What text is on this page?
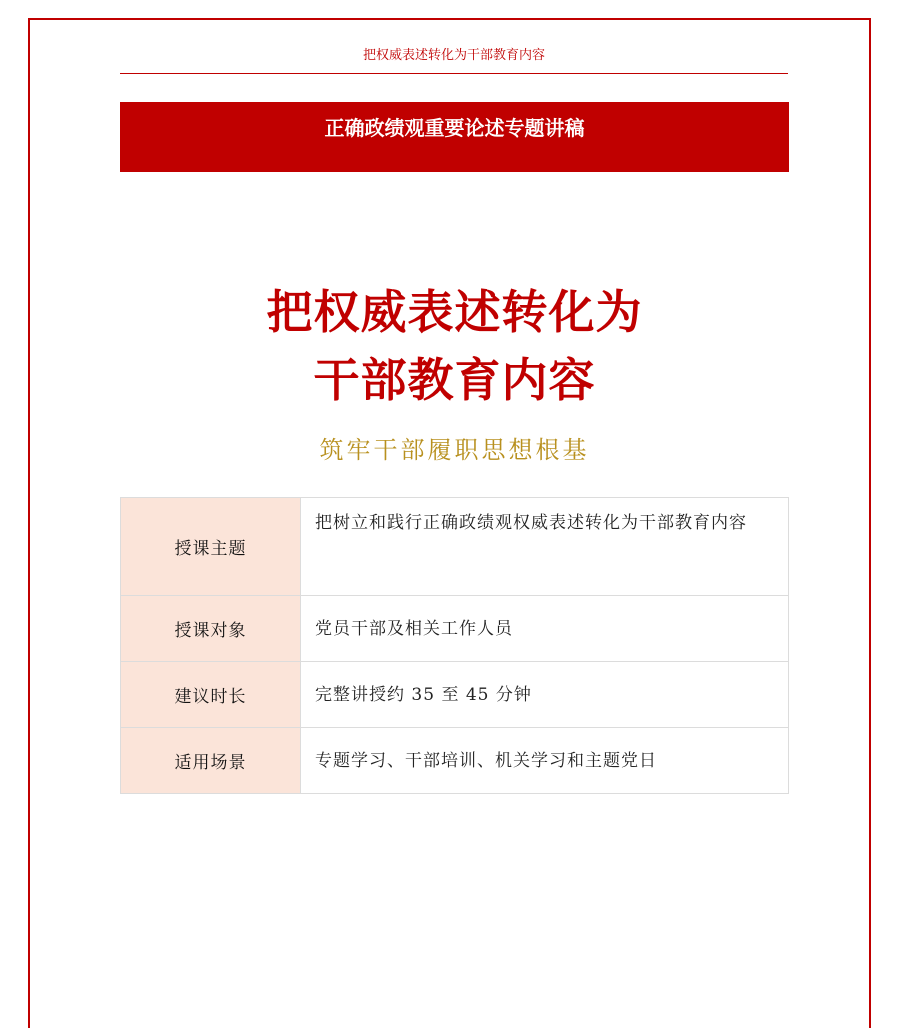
把权威表述转化为干部教育内容
正确政绩观重要论述专题讲稿
把权威表述转化为
干部教育内容
筑牢干部履职思想根基
授课主题	把树立和践行正确政绩观权威表述转化为干部教育内容
授课对象	党员干部及相关工作人员
建议时长	完整讲授约 35 至 45 分钟
适用场景	专题学习、干部培训、机关学习和主题党日
